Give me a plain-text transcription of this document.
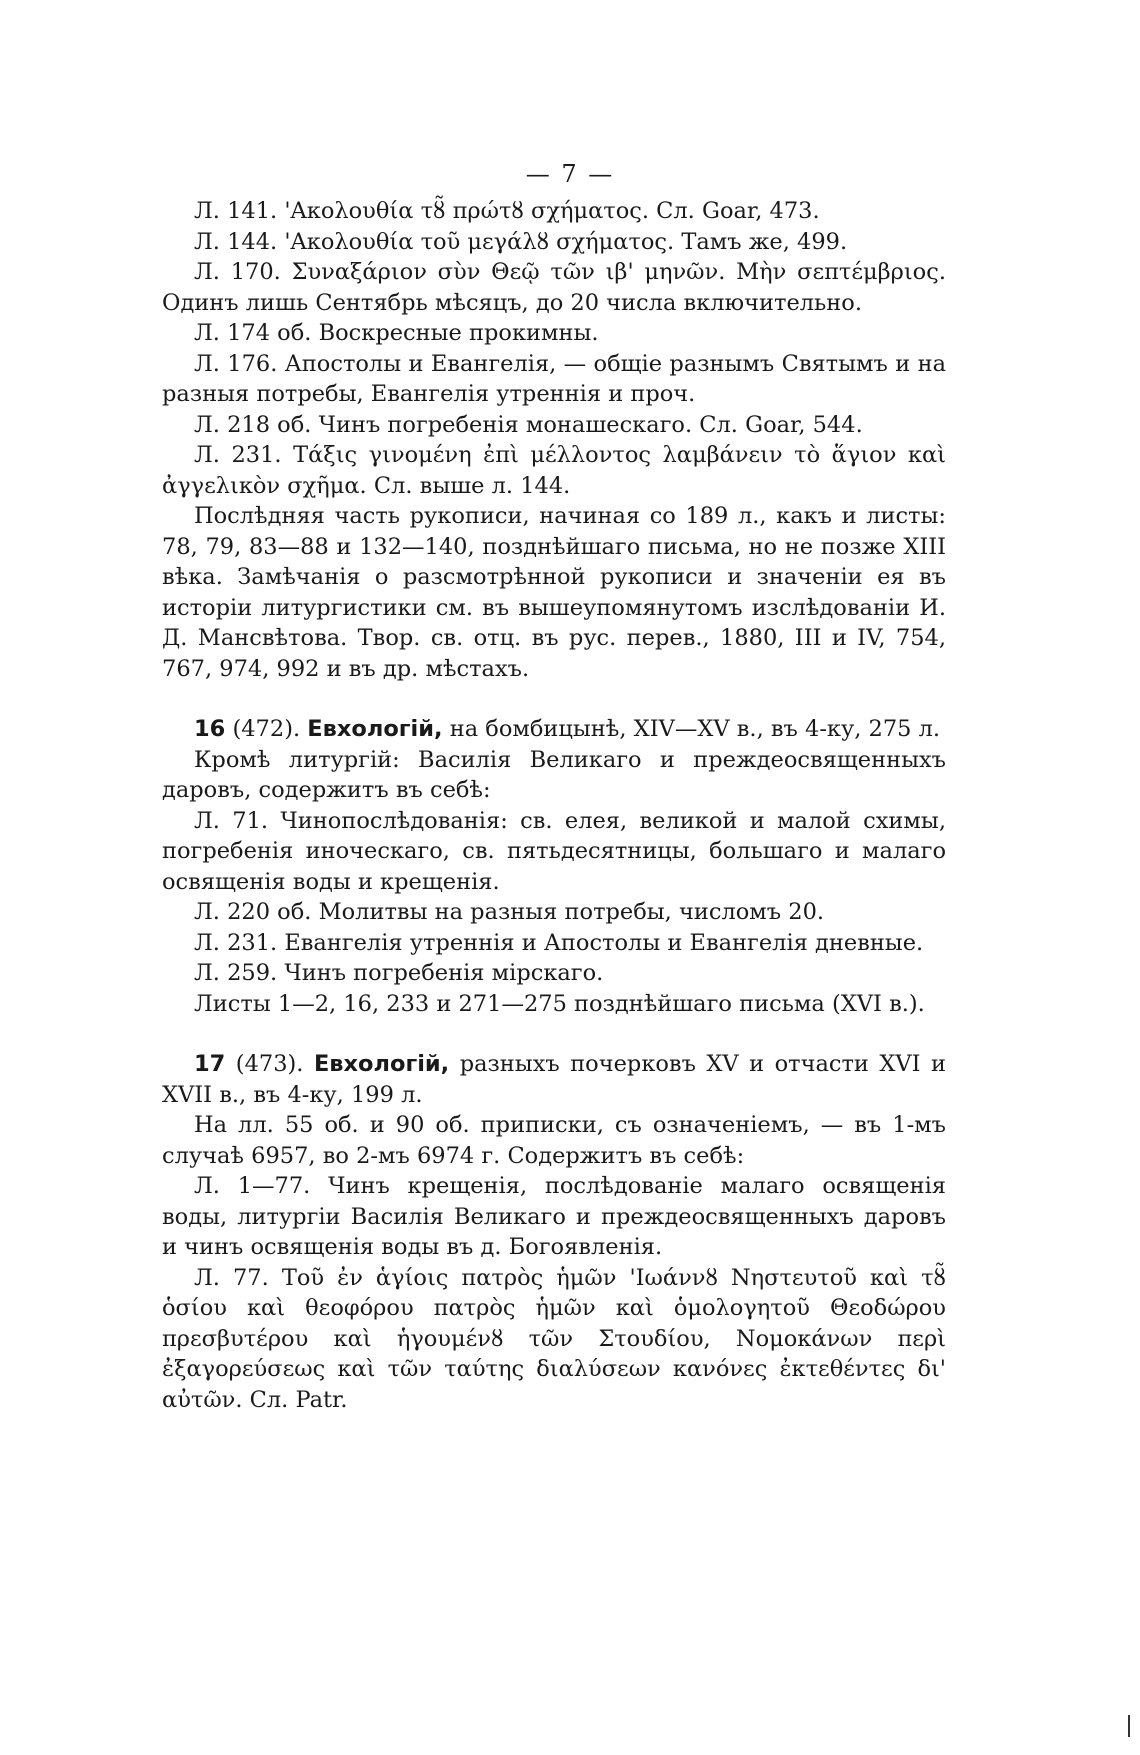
— 7 —

Л. 141. 'Ακολουθία τȣ̃ πρώτȣ σχήματος. Сл. Goar, 473.

Л. 144. 'Ακολουθία τοῦ μεγάλȣ σχήματος. Тамъ же, 499.

Л. 170. Συναξάριον σὺν Θεῷ τῶν ιβ' μηνῶν. Μὴν σεπτέμβριος. Одинъ лишь Сентябрь мѣсяцъ, до 20 числа включительно.

Л. 174 об. Воскресные прокимны.

Л. 176. Апостолы и Евангелія, — общіе разнымъ Святымъ и на разныя потребы, Евангелія утреннія и проч.

Л. 218 об. Чинъ погребенія монашескаго. Сл. Goar, 544.

Л. 231. Τάξις γινομένη ἐπὶ μέλλοντος λαμβάνειν τὸ ἅγιον καὶ ἀγγελικὸν σχῆμα. Сл. выше л. 144.

Послѣдняя часть рукописи, начиная со 189 л., какъ и листы: 78, 79, 83—88 и 132—140, позднѣйшаго письма, но не позже XIII вѣка. Замѣчанія о разсмотрѣнной рукописи и значеніи ея въ исторіи литургистики см. въ вышеупомянутомъ изслѣдованіи И. Д. Мансвѣтова. Твор. св. отц. въ рус. перев., 1880, III и IV, 754, 767, 974, 992 и въ др. мѣстахъ.

16 (472). Евхологій, на бомбицынѣ, XIV—XV в., въ 4-ку, 275 л.

Кромѣ литургій: Василія Великаго и преждеосвященныхъ даровъ, содержитъ въ себѣ:

Л. 71. Чинопослѣдованія: св. елея, великой и малой схимы, погребенія иноческаго, св. пятьдесятницы, большаго и малаго освященія воды и крещенія.

Л. 220 об. Молитвы на разныя потребы, числомъ 20.

Л. 231. Евангелія утреннія и Апостолы и Евангелія дневные.

Л. 259. Чинъ погребенія мірскаго.

Листы 1—2, 16, 233 и 271—275 позднѣйшаго письма (XVI в.).

17 (473). Евхологій, разныхъ почерковъ XV и отчасти XVI и XVII в., въ 4-ку, 199 л.

На лл. 55 об. и 90 об. приписки, съ означеніемъ, — въ 1-мъ случаѣ 6957, во 2-мъ 6974 г. Содержитъ въ себѣ:

Л. 1—77. Чинъ крещенія, послѣдованіе малаго освященія воды, литургіи Василія Великаго и преждеосвященныхъ даровъ и чинъ освященія воды въ д. Богоявленія.

Л. 77. Τοῦ ἐν ἁγίοις πατρὸς ἡμῶν 'Ιωάννȣ Νηστευτοῦ καὶ τȣ̃ ὁσίου καὶ θεοφόρου πατρὸς ἡμῶν καὶ ὁμολογητοῦ Θεοδώρου πρεσβυτέρου καὶ ἡγουμένȣ τῶν Στουδίου, Νομοκάνων περὶ ἐξαγορεύσεως καὶ τῶν ταύτης διαλύσεων κανόνες ἐκτεθέντες δι' αὐτῶν. Сл. Patr.
